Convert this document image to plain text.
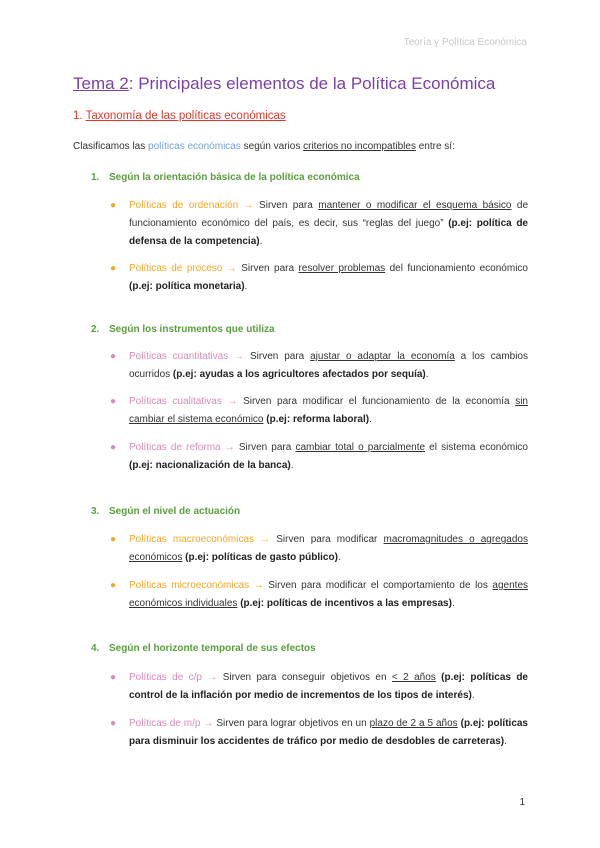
Teoría y Política Económica
Tema 2: Principales elementos de la Política Económica
1. Taxonomía de las políticas económicas
Clasificamos las políticas económicas según varios criterios no incompatibles entre sí:
1. Según la orientación básica de la política económica
● Políticas de ordenación → Sirven para mantener o modificar el esquema básico de funcionamiento económico del país, es decir, sus “reglas del juego” (p.ej: política de defensa de la competencia).
● Políticas de proceso → Sirven para resolver problemas del funcionamiento económico (p.ej: política monetaria).
2. Según los instrumentos que utiliza
● Políticas cuantitativas → Sirven para ajustar o adaptar la economía a los cambios ocurridos (p.ej: ayudas a los agricultores afectados por sequía).
● Políticas cualitativas → Sirven para modificar el funcionamiento de la economía sin cambiar el sistema económico (p.ej: reforma laboral).
● Políticas de reforma → Sirven para cambiar total o parcialmente el sistema económico (p.ej: nacionalización de la banca).
3. Según el nivel de actuación
● Políticas macroeconómicas → Sirven para modificar macromagnitudes o agregados económicos (p.ej: políticas de gasto público).
● Políticas microeconómicas → Sirven para modificar el comportamiento de los agentes económicos individuales (p.ej: políticas de incentivos a las empresas).
4. Según el horizonte temporal de sus efectos
● Políticas de c/p → Sirven para conseguir objetivos en < 2 años (p.ej: políticas de control de la inflación por medio de incrementos de los tipos de interés).
● Políticas de m/p → Sirven para lograr objetivos en un plazo de 2 a 5 años (p.ej: políticas para disminuir los accidentes de tráfico por medio de desdobles de carreteras).
1
